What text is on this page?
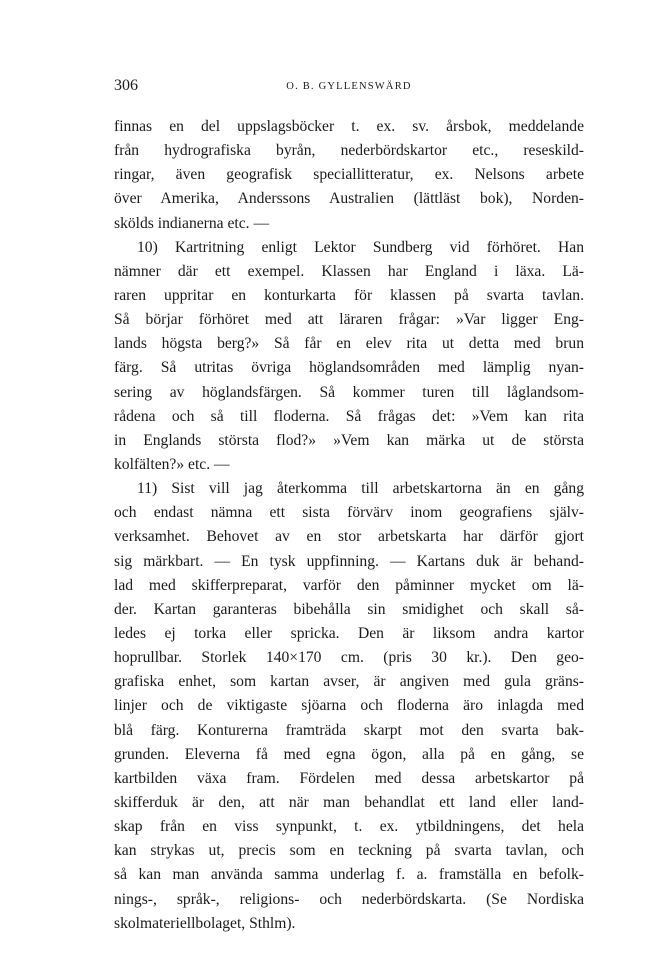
306	O. B. GYLLENSWÄRD
finnas en del uppslagsböcker t. ex. sv. årsbok, meddelande
från hydrografiska byrån, nederbördskartor etc., reseskild-
ringar, även geografisk speciallitteratur, ex. Nelsons arbete
över Amerika, Anderssons Australien (lättläst bok), Norden-
skölds indianerna etc. —
10) Kartritning enligt Lektor Sundberg vid förhöret. Han
nämner där ett exempel. Klassen har England i läxa. Lä-
raren uppritar en konturkarta för klassen på svarta tavlan.
Så börjar förhöret med att läraren frågar: »Var ligger Eng-
lands högsta berg?» Så får en elev rita ut detta med brun
färg. Så utritas övriga höglandsområden med lämplig nyan-
sering av höglandsfärgen. Så kommer turen till låglandsom-
rådena och så till floderna. Så frågas det: »Vem kan rita
in Englands största flod?» »Vem kan märka ut de största
kolfälten?» etc. —
11) Sist vill jag återkomma till arbetskartorna än en gång
och endast nämna ett sista förvärv inom geografiens själv-
verksamhet. Behovet av en stor arbetskarta har därför gjort
sig märkbart. — En tysk uppfinning. — Kartans duk är behand-
lad med skifferpreparat, varför den påminner mycket om lä-
der. Kartan garanteras bibehålla sin smidighet och skall så-
ledes ej torka eller spricka. Den är liksom andra kartor
hoprullbar. Storlek 140×170 cm. (pris 30 kr.). Den geo-
grafiska enhet, som kartan avser, är angiven med gula gräns-
linjer och de viktigaste sjöarna och floderna äro inlagda med
blå färg. Konturerna framträda skarpt mot den svarta bak-
grunden. Eleverna få med egna ögon, alla på en gång, se
kartbilden växa fram. Fördelen med dessa arbetskartor på
skifferduk är den, att när man behandlat ett land eller land-
skap från en viss synpunkt, t. ex. ytbildningens, det hela
kan strykas ut, precis som en teckning på svarta tavlan, och
så kan man använda samma underlag f. a. framställa en befolk-
nings-, språk-, religions- och nederbördskarta. (Se Nordiska
skolmateriellbolaget, Sthlm).
